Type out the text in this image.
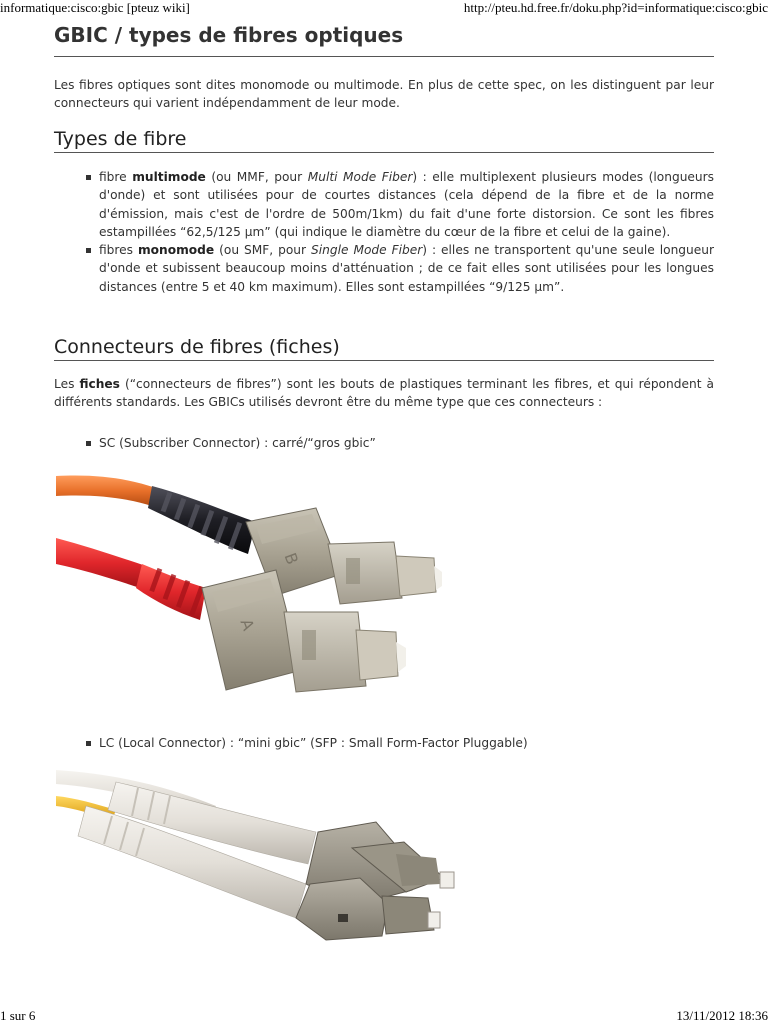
informatique:cisco:gbic [pteuz wiki]	http://pteu.hd.free.fr/doku.php?id=informatique:cisco:gbic
GBIC / types de fibres optiques

Les fibres optiques sont dites monomode ou multimode. En plus de cette spec, on les distinguent par leur connecteurs qui varient indépendamment de leur mode.

Types de fibre
fibre multimode (ou MMF, pour Multi Mode Fiber) : elle multiplexent plusieurs modes (longueurs d'onde) et sont utilisées pour de courtes distances (cela dépend de la fibre et de la norme d'émission, mais c'est de l'ordre de 500m/1km) du fait d'une forte distorsion. Ce sont les fibres estampillées “62,5/125 µm” (qui indique le diamètre du cœur de la fibre et celui de la gaine).
fibres monomode (ou SMF, pour Single Mode Fiber) : elles ne transportent qu'une seule longueur d'onde et subissent beaucoup moins d'atténuation ; de ce fait elles sont utilisées pour les longues distances (entre 5 et 40 km maximum). Elles sont estampillées “9/125 µm”.
Connecteurs de fibres (fiches)

Les fiches (“connecteurs de fibres”) sont les bouts de plastiques terminant les fibres, et qui répondent à différents standards. Les GBICs utilisés devront être du même type que ces connecteurs :

SC (Subscriber Connector) : carré/“gros gbic”
B
A
LC (Local Connector) : “mini gbic” (SFP : Small Form-Factor Pluggable)
1 sur 6	13/11/2012 18:36
